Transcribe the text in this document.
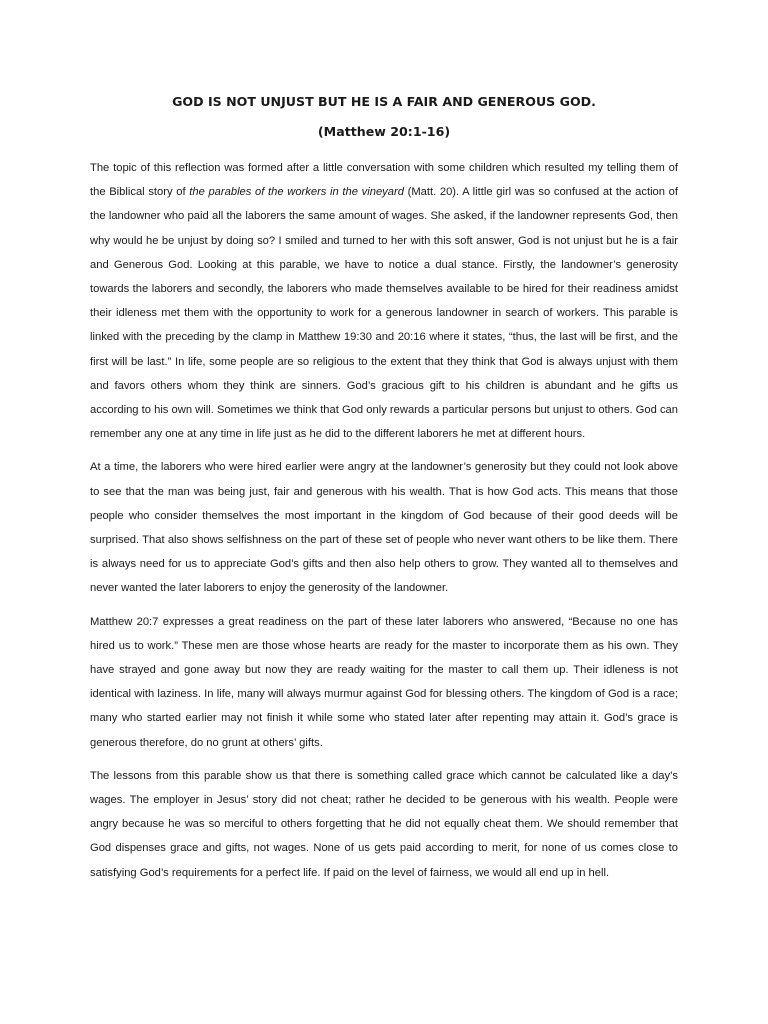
GOD IS NOT UNJUST BUT HE IS A FAIR AND GENEROUS GOD.
(Matthew 20:1-16)

The topic of this reflection was formed after a little conversation with some children which resulted my telling them of the Biblical story of the parables of the workers in the vineyard (Matt. 20). A little girl was so confused at the action of the landowner who paid all the laborers the same amount of wages. She asked, if the landowner represents God, then why would he be unjust by doing so? I smiled and turned to her with this soft answer, God is not unjust but he is a fair and Generous God. Looking at this parable, we have to notice a dual stance. Firstly, the landowner’s generosity towards the laborers and secondly, the laborers who made themselves available to be hired for their readiness amidst their idleness met them with the opportunity to work for a generous landowner in search of workers. This parable is linked with the preceding by the clamp in Matthew 19:30 and 20:16 where it states, “thus, the last will be first, and the first will be last.” In life, some people are so religious to the extent that they think that God is always unjust with them and favors others whom they think are sinners. God’s gracious gift to his children is abundant and he gifts us according to his own will. Sometimes we think that God only rewards a particular persons but unjust to others. God can remember any one at any time in life just as he did to the different laborers he met at different hours.

At a time, the laborers who were hired earlier were angry at the landowner’s generosity but they could not look above to see that the man was being just, fair and generous with his wealth. That is how God acts. This means that those people who consider themselves the most important in the kingdom of God because of their good deeds will be surprised. That also shows selfishness on the part of these set of people who never want others to be like them. There is always need for us to appreciate God’s gifts and then also help others to grow. They wanted all to themselves and never wanted the later laborers to enjoy the generosity of the landowner.

Matthew 20:7 expresses a great readiness on the part of these later laborers who answered, “Because no one has hired us to work.” These men are those whose hearts are ready for the master to incorporate them as his own. They have strayed and gone away but now they are ready waiting for the master to call them up. Their idleness is not identical with laziness. In life, many will always murmur against God for blessing others. The kingdom of God is a race; many who started earlier may not finish it while some who stated later after repenting may attain it. God’s grace is generous therefore, do no grunt at others’ gifts.

The lessons from this parable show us that there is something called grace which cannot be calculated like a day’s wages. The employer in Jesus’ story did not cheat; rather he decided to be generous with his wealth. People were angry because he was so merciful to others forgetting that he did not equally cheat them. We should remember that God dispenses grace and gifts, not wages. None of us gets paid according to merit, for none of us comes close to satisfying God’s requirements for a perfect life. If paid on the level of fairness, we would all end up in hell.
